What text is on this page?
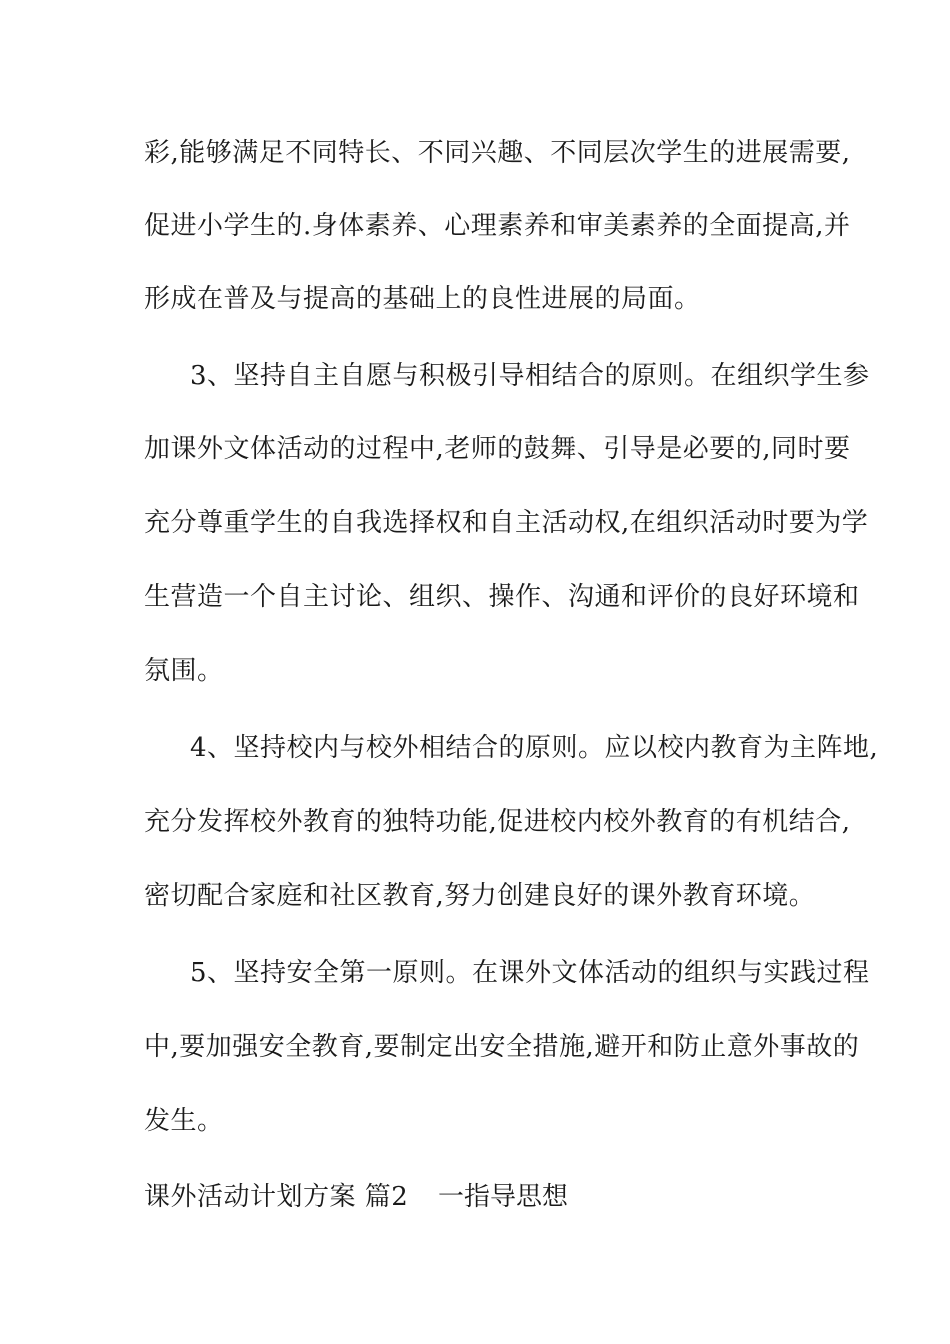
彩,能够满足不同特长、不同兴趣、不同层次学生的进展需要,
促进小学生的.身体素养、心理素养和审美素养的全面提高,并
形成在普及与提高的基础上的良性进展的局面。
3、坚持自主自愿与积极引导相结合的原则。在组织学生参
加课外文体活动的过程中,老师的鼓舞、引导是必要的,同时要
充分尊重学生的自我选择权和自主活动权,在组织活动时要为学
生营造一个自主讨论、组织、操作、沟通和评价的良好环境和
氛围。
4、坚持校内与校外相结合的原则。应以校内教育为主阵地,
充分发挥校外教育的独特功能,促进校内校外教育的有机结合,
密切配合家庭和社区教育,努力创建良好的课外教育环境。
5、坚持安全第一原则。在课外文体活动的组织与实践过程
中,要加强安全教育,要制定出安全措施,避开和防止意外事故的
发生。
课外活动计划方案 篇2 一指导思想
